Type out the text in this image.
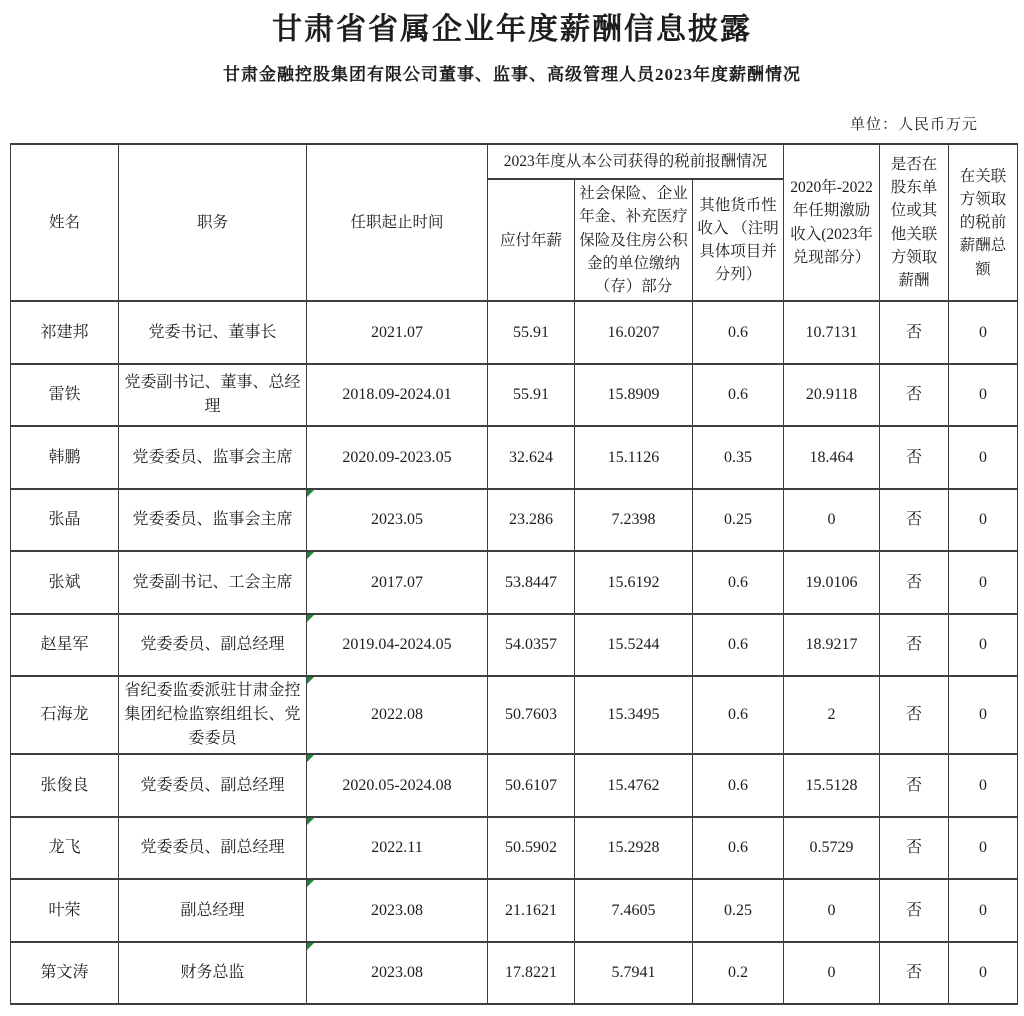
甘肃省省属企业年度薪酬信息披露
甘肃金融控股集团有限公司董事、监事、高级管理人员2023年度薪酬情况
单位：人民币万元
姓名	职务	任职起止时间	2023年度从本公司获得的税前报酬情况			2020年-2022年任期激励收入(2023年兑现部分）	是否在股东单位或其他关联方领取薪酬	在关联方领取的税前薪酬总额
			应付年薪	社会保险、企业年金、补充医疗保险及住房公积金的单位缴纳（存）部分	其他货币性收入 （注明具体项目并分列）			
祁建邦	党委书记、董事长	2021.07	55.91	16.0207	0.6	10.7131	否	0
雷铁	党委副书记、董事、总经理	2018.09-2024.01	55.91	15.8909	0.6	20.9118	否	0
韩鹏	党委委员、监事会主席	2020.09-2023.05	32.624	15.1126	0.35	18.464	否	0
张晶	党委委员、监事会主席	2023.05	23.286	7.2398	0.25	0	否	0
张斌	党委副书记、工会主席	2017.07	53.8447	15.6192	0.6	19.0106	否	0
赵星军	党委委员、副总经理	2019.04-2024.05	54.0357	15.5244	0.6	18.9217	否	0
石海龙	省纪委监委派驻甘肃金控集团纪检监察组组长、党委委员	2022.08	50.7603	15.3495	0.6	2	否	0
张俊良	党委委员、副总经理	2020.05-2024.08	50.6107	15.4762	0.6	15.5128	否	0
龙飞	党委委员、副总经理	2022.11	50.5902	15.2928	0.6	0.5729	否	0
叶荣	副总经理	2023.08	21.1621	7.4605	0.25	0	否	0
第文涛	财务总监	2023.08	17.8221	5.7941	0.2	0	否	0
